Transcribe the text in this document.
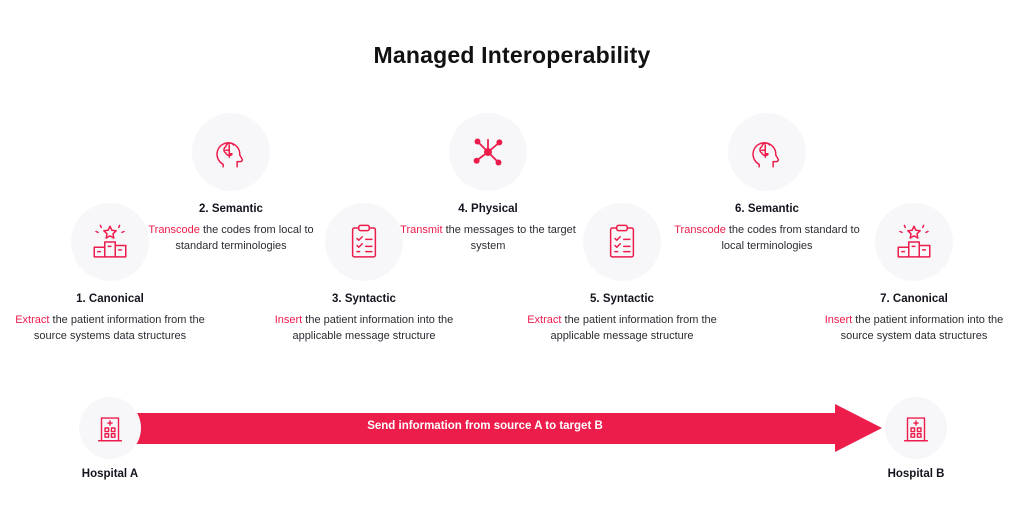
Managed Interoperability
1. Canonical
Extract the patient information from the source systems data structures
2. Semantic
Transcode the codes from local to standard terminologies
3. Syntactic
Insert the patient information into the applicable message structure
4. Physical
Transmit the messages to the target system
5. Syntactic
Extract the patient information from the applicable message structure
6. Semantic
Transcode the codes from standard to local terminologies
7. Canonical
Insert the patient information into the source system data structures
Send information from source A to target B
Hospital A	Hospital B
